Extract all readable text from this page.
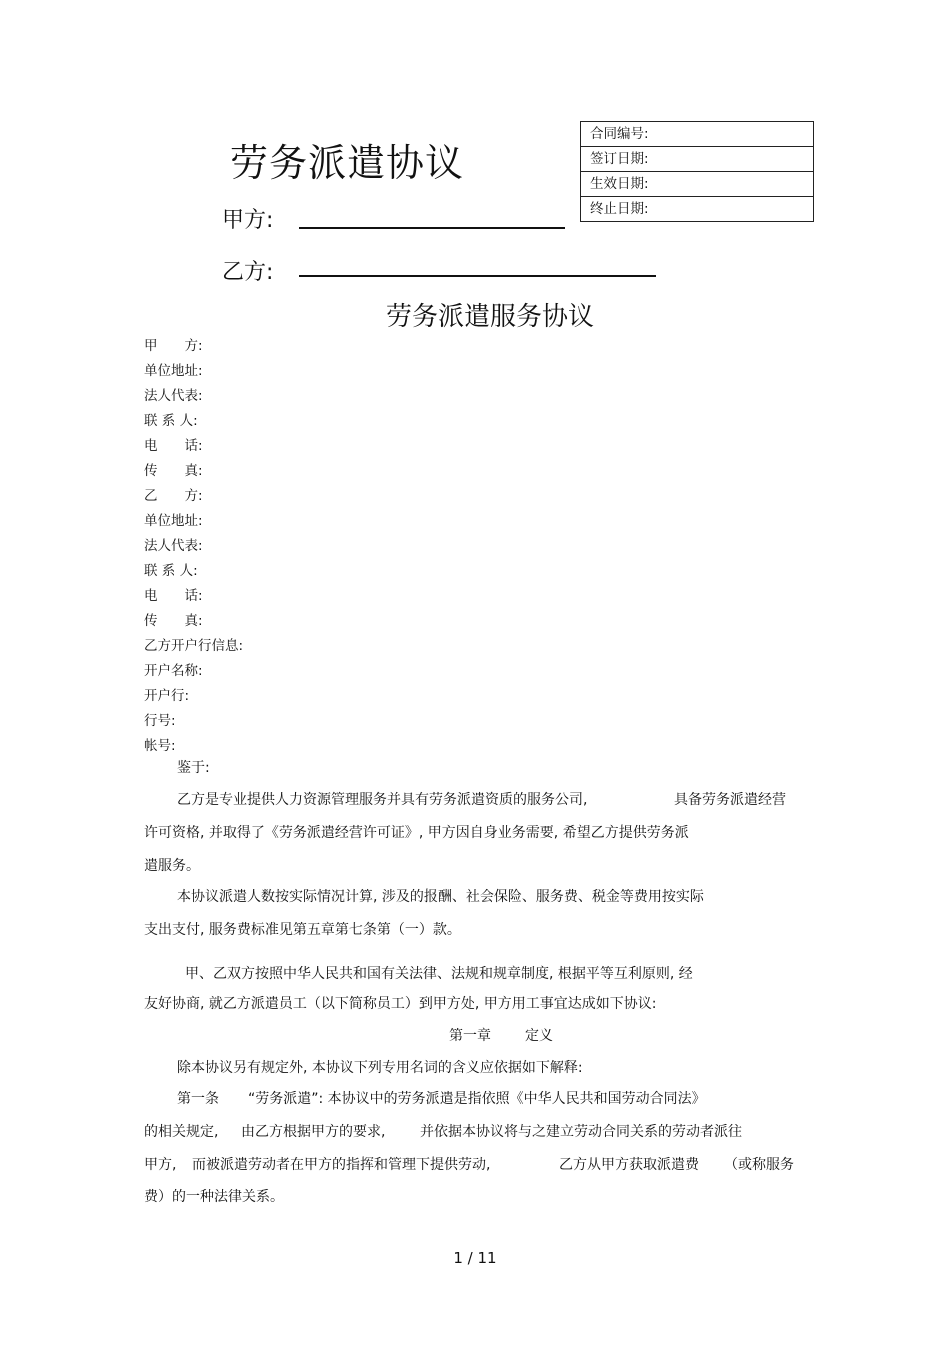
劳务派遣协议
甲方:
乙方:
合同编号:
签订日期:
生效日期:
终止日期:
劳务派遣服务协议
甲　　方:
单位地址:
法人代表:
联 系 人:
电　　话:
传　　真:
乙　　方:
单位地址:
法人代表:
联 系 人:
电　　话:
传　　真:
乙方开户行信息:
开户名称:
开户行:
行号:
帐号:
鉴于:
乙方是专业提供人力资源管理服务并具有劳务派遣资质的服务公司,	具备劳务派遣经营
许可资格, 并取得了《劳务派遣经营许可证》, 甲方因自身业务需要, 希望乙方提供劳务派
遣服务。
本协议派遣人数按实际情况计算, 涉及的报酬、社会保险、服务费、税金等费用按实际
支出支付, 服务费标准见第五章第七条第（一）款。
甲、乙双方按照中华人民共和国有关法律、法规和规章制度, 根据平等互利原则, 经
友好协商, 就乙方派遣员工（以下简称员工）到甲方处, 甲方用工事宜达成如下协议:
第一章 定义
除本协议另有规定外, 本协议下列专用名词的含义应依据如下解释:
第一条 “劳务派遣”: 本协议中的劳务派遣是指依照《中华人民共和国劳动合同法》
的相关规定, 由乙方根据甲方的要求, 并依据本协议将与之建立劳动合同关系的劳动者派往
甲方, 而被派遣劳动者在甲方的指挥和管理下提供劳动,	乙方从甲方获取派遣费 （或称服务
费）的一种法律关系。
1 / 11
